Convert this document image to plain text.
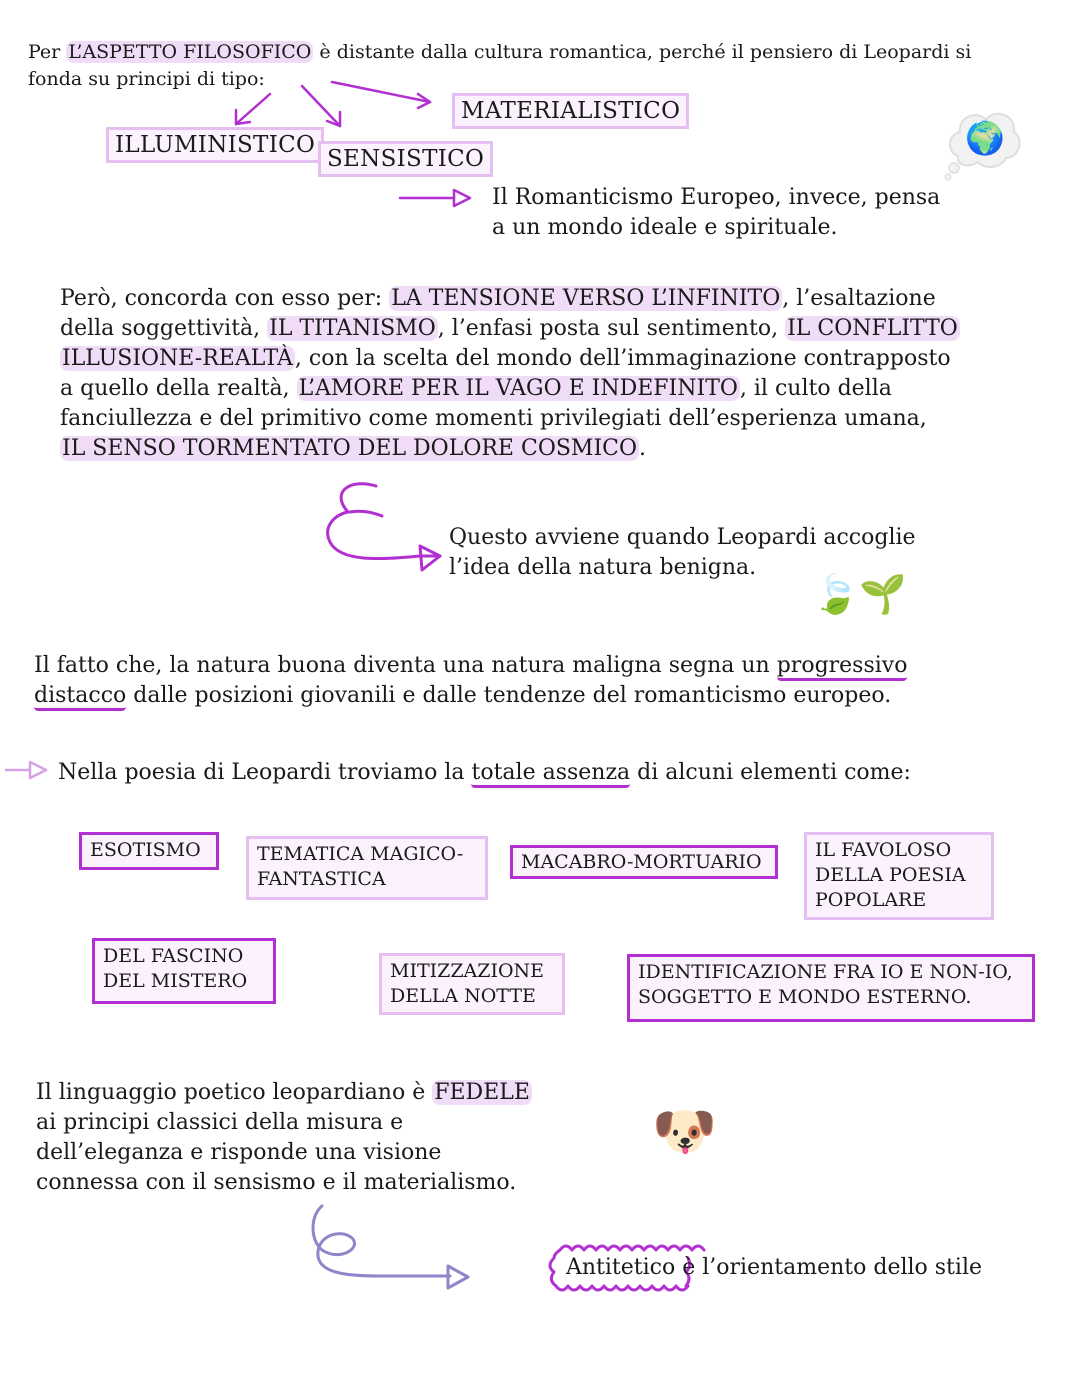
Per L’ASPETTO FILOSOFICO è distante dalla cultura romantica, perché il pensiero di Leopardi si
fonda su principi di tipo:
MATERIALISTICO
ILLUMINISTICO
SENSISTICO
🌍
Il Romanticismo Europeo, invece, pensa
a un mondo ideale e spirituale.
Però, concorda con esso per: LA TENSIONE VERSO L’INFINITO, l’esaltazione
della soggettività, IL TITANISMO, l’enfasi posta sul sentimento, IL CONFLITTO
ILLUSIONE-REALTÀ, con la scelta del mondo dell’immaginazione contrapposto
a quello della realtà, L’AMORE PER IL VAGO E INDEFINITO, il culto della
fanciullezza e del primitivo come momenti privilegiati dell’esperienza umana,
IL SENSO TORMENTATO DEL DOLORE COSMICO.
Questo avviene quando Leopardi accoglie
l’idea della natura benigna.
🍃🌱
Il fatto che, la natura buona diventa una natura maligna segna un progressivo
distacco dalle posizioni giovanili e dalle tendenze del romanticismo europeo.
Nella poesia di Leopardi troviamo la totale assenza di alcuni elementi come:
ESOTISMO	TEMATICA MAGICO-
FANTASTICA
MACABRO-MORTUARIO
IL FAVOLOSO
DELLA POESIA
POPOLARE
DEL FASCINO
DEL MISTERO	MITIZZAZIONE
DELLA NOTTE
IDENTIFICAZIONE FRA IO E NON-IO,
SOGGETTO E MONDO ESTERNO.
Il linguaggio poetico leopardiano è FEDELE
ai principi classici della misura e
dell’eleganza e risponde una visione
connessa con il sensismo e il materialismo.
🐶
Antitetico è l’orientamento dello stile
